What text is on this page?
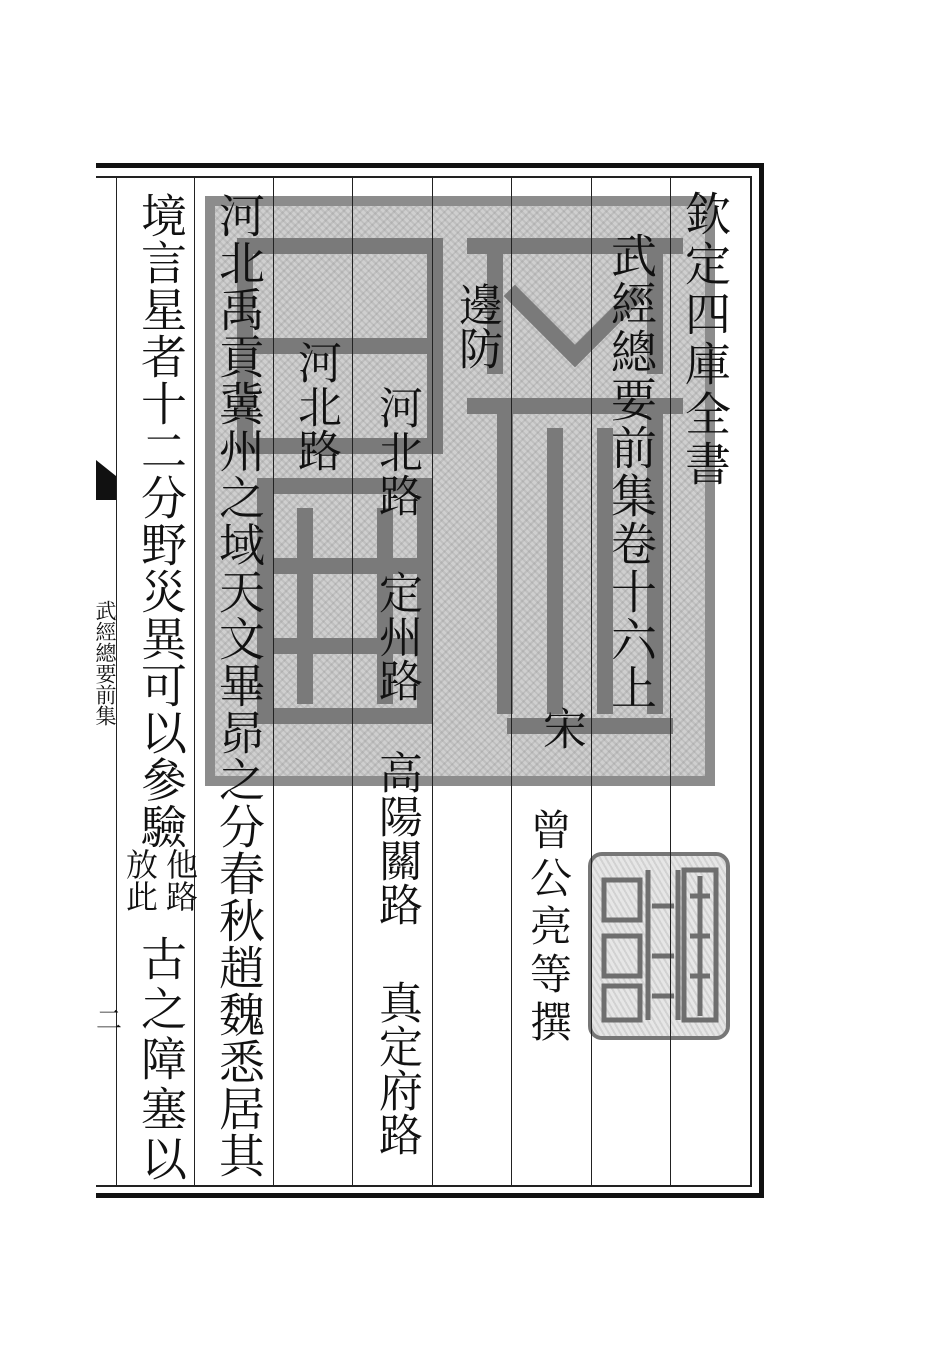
欽定四庫全書
武經總要前集卷十六上
宋
曾公亮等撰
邊防
河北路
定州路
高陽關路
真定府路
河北路
河北禹貢冀州之域天文畢昴之分春秋趙魏悉居其
境言星者十二分野災異可以參驗
他路
放此
古之障塞以
武經總要前集
二
